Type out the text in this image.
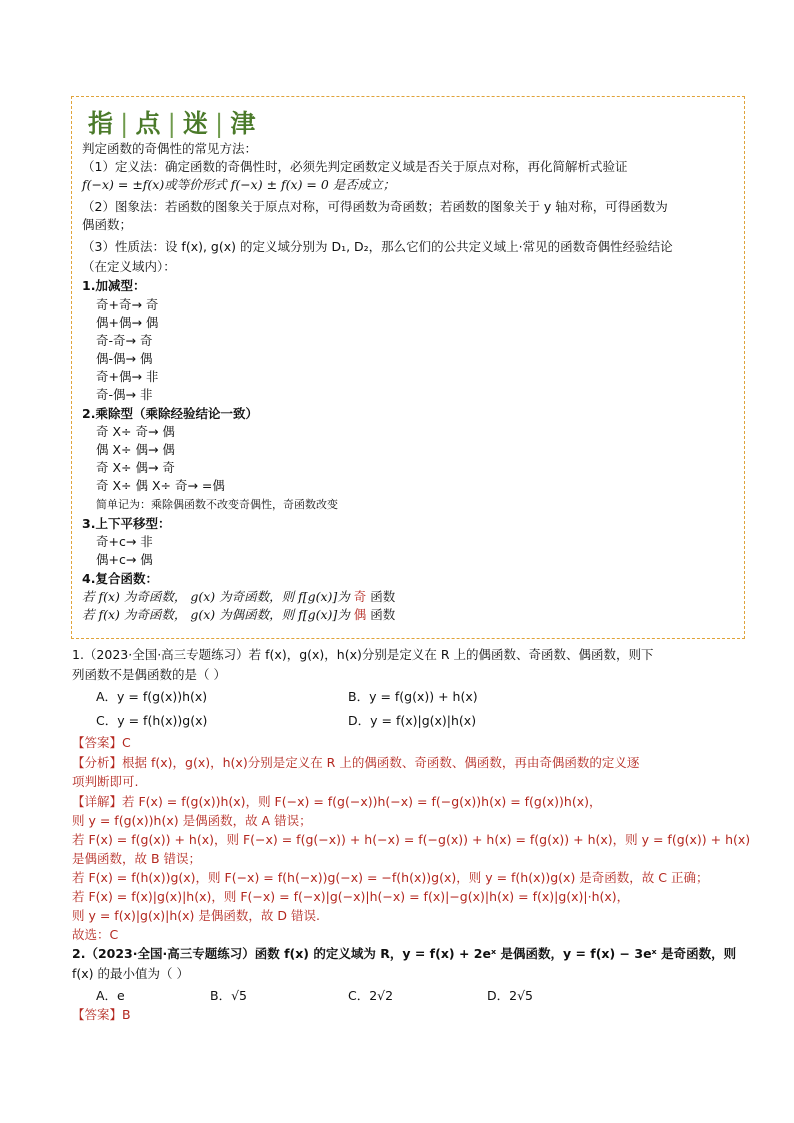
指 | 点 | 迷 | 津
判定函数的奇偶性的常见方法：
（1）定义法：确定函数的奇偶性时，必须先判定函数定义域是否关于原点对称，再化简解析式验证
f(−x) = ±f(x)或等价形式 f(−x) ± f(x) = 0 是否成立；
（2）图象法：若函数的图象关于原点对称，可得函数为奇函数；若函数的图象关于 y 轴对称，可得函数为
偶函数；
（3）性质法：设 f(x), g(x) 的定义域分别为 D₁, D₂，那么它们的公共定义域上·常见的函数奇偶性经验结论
（在定义域内）：
1.加减型：
奇+奇→ 奇
偶+偶→ 偶
奇-奇→ 奇
偶-偶→ 偶
奇+偶→ 非
奇-偶→ 非
2.乘除型（乘除经验结论一致）
奇 X÷ 奇→ 偶
偶 X÷ 偶→ 偶
奇 X÷ 偶→ 奇
奇 X÷ 偶 X÷ 奇→ =偶
简单记为：乘除偶函数不改变奇偶性，奇函数改变
3.上下平移型：
奇+c→ 非
偶+c→ 偶
4.复合函数：
若 f(x) 为奇函数， g(x) 为奇函数，则 f[g(x)]为 奇 函数
若 f(x) 为奇函数， g(x) 为偶函数，则 f[g(x)]为 偶 函数
1.（2023·全国·高三专题练习）若 f(x)，g(x)，h(x)分别是定义在 R 上的偶函数、奇函数、偶函数，则下
列函数不是偶函数的是（ ）
A．y = f(g(x))h(x)	B．y = f(g(x)) + h(x)
C．y = f(h(x))g(x)	D．y = f(x)|g(x)|h(x)
【答案】C
【分析】根据 f(x)，g(x)，h(x)分别是定义在 R 上的偶函数、奇函数、偶函数，再由奇偶函数的定义逐
项判断即可.
【详解】若 F(x) = f(g(x))h(x)，则 F(−x) = f(g(−x))h(−x) = f(−g(x))h(x) = f(g(x))h(x)，
则 y = f(g(x))h(x) 是偶函数，故 A 错误；
若 F(x) = f(g(x)) + h(x)，则 F(−x) = f(g(−x)) + h(−x) = f(−g(x)) + h(x) = f(g(x)) + h(x)，则 y = f(g(x)) + h(x)
是偶函数，故 B 错误；
若 F(x) = f(h(x))g(x)，则 F(−x) = f(h(−x))g(−x) = −f(h(x))g(x)，则 y = f(h(x))g(x) 是奇函数，故 C 正确；
若 F(x) = f(x)|g(x)|h(x)，则 F(−x) = f(−x)|g(−x)|h(−x) = f(x)|−g(x)|h(x) = f(x)|g(x)|·h(x)，
则 y = f(x)|g(x)|h(x) 是偶函数，故 D 错误.
故选：C
2.（2023·全国·高三专题练习）函数 f(x) 的定义域为 R，y = f(x) + 2eˣ 是偶函数，y = f(x) − 3eˣ 是奇函数，则
f(x) 的最小值为（ ）
A．e	B．√5	C．2√2	D．2√5
【答案】B
